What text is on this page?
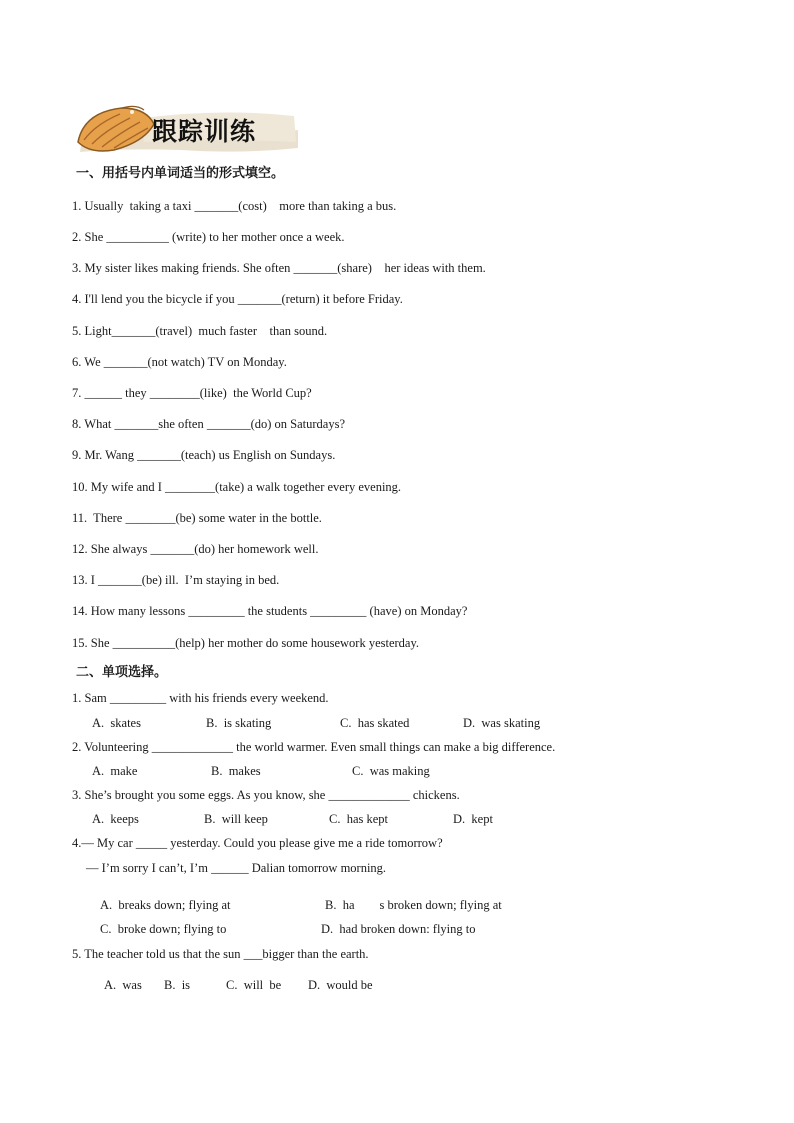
跟踪训练
一、用括号内单词适当的形式填空。
1. Usually  taking a taxi _______(cost)    more than taking a bus.
2. She __________ (write) to her mother once a week.
3. My sister likes making friends. She often _______(share)    her ideas with them.
4. I'll lend you the bicycle if you _______(return) it before Friday.
5. Light_______(travel)  much faster    than sound.
6. We _______(not watch) TV on Monday.
7. ______ they ________(like)  the World Cup?
8. What _______she often _______(do) on Saturdays?
9. Mr. Wang _______(teach) us English on Sundays.
10. My wife and I ________(take) a walk together every evening.
11.  There ________(be) some water in the bottle.
12. She always _______(do) her homework well.
13. I _______(be) ill.  I’m staying in bed.
14. How many lessons _________ the students _________ (have) on Monday?
15. She __________(help) her mother do some housework yesterday.
二、单项选择。
1. Sam _________ with his friends every weekend.
A.  skates	B.  is skating	C.  has skated	D.  was skating
2. Volunteering _____________ the world warmer. Even small things can make a big difference.
A.  make	B.  makes	C.  was making
3. She’s brought you some eggs. As you know, she _____________ chickens.
A.  keeps	B.  will keep	C.  has kept	D.  kept
4.— My car _____ yesterday. Could you please give me a ride tomorrow?
— I’m sorry I can’t, I’m ______ Dalian tomorrow morning.
A.  breaks down; flying at	B.  ha        s broken down; flying at
C.  broke down; flying to	D.  had broken down: flying to
5. The teacher told us that the sun ___bigger than the earth.
A.  was B.  is	C.  will  be D.  would be
